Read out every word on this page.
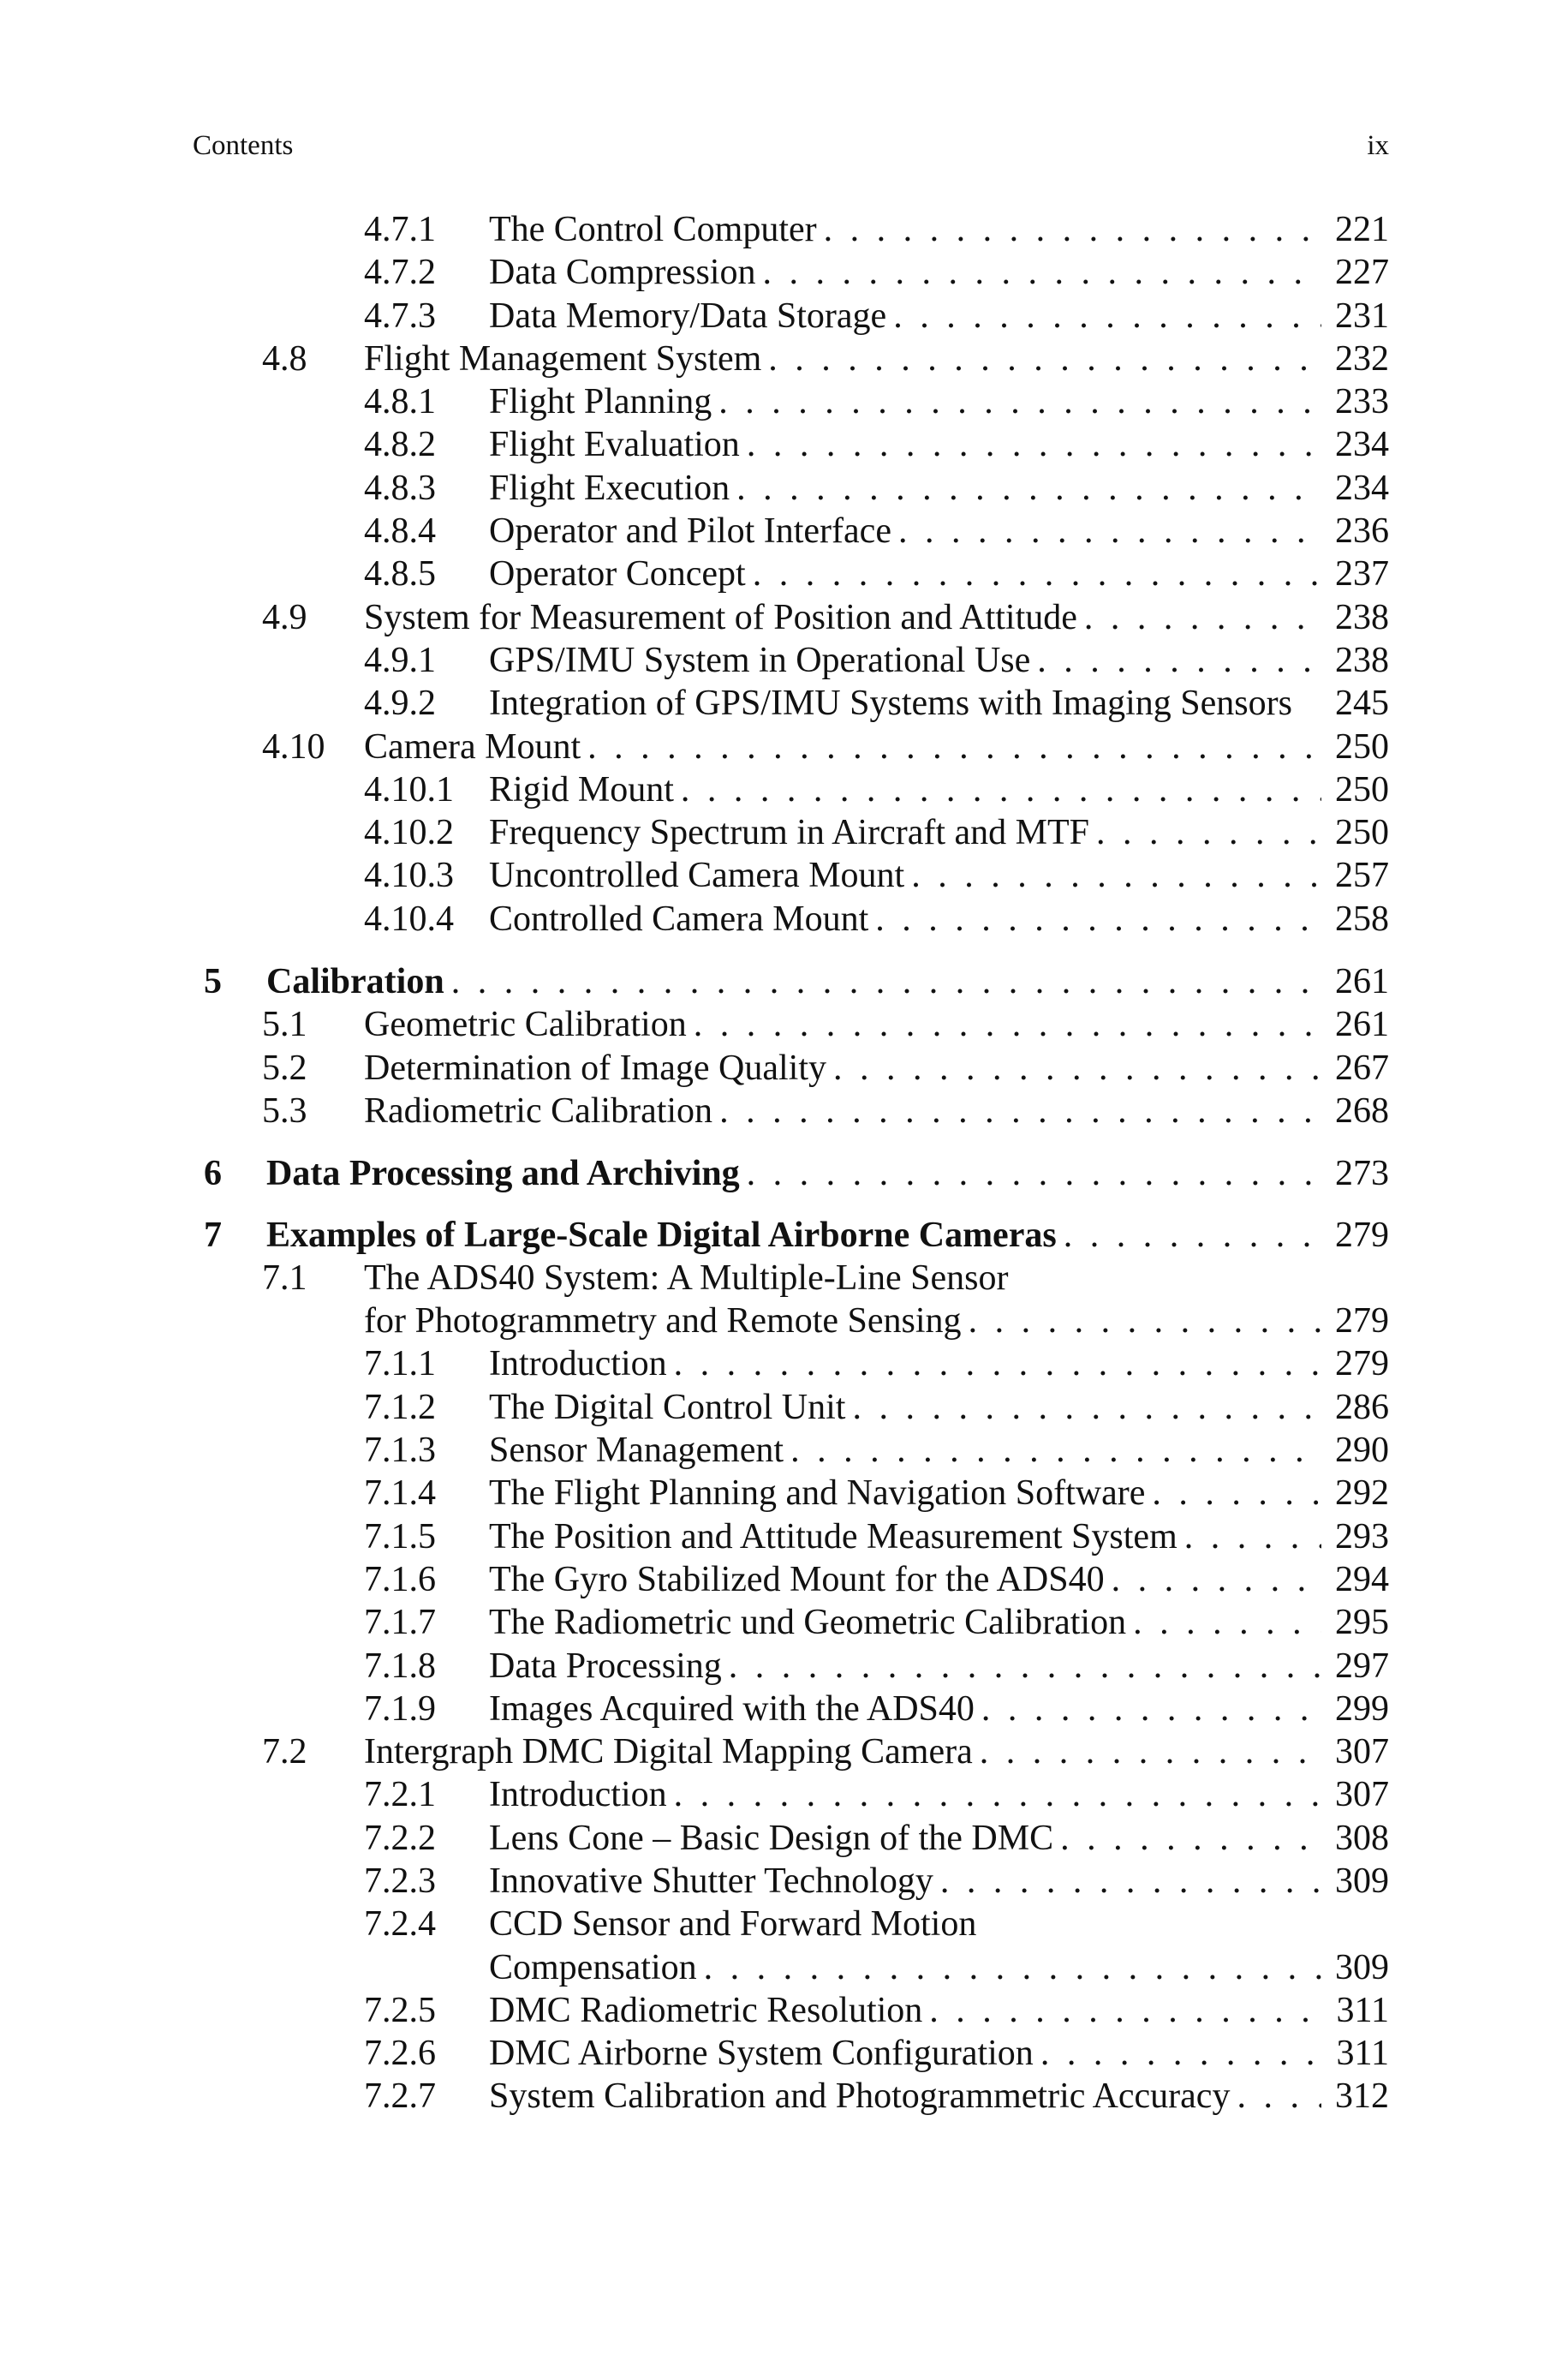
Contents	ix
4.7.1 The Control Computer . . .	221
4.7.2 Data Compression . . .	227
4.7.3 Data Memory/Data Storage . . .	231
4.8 Flight Management System . . .	232
4.8.1 Flight Planning . . .	233
4.8.2 Flight Evaluation . . .	234
4.8.3 Flight Execution . . .	234
4.8.4 Operator and Pilot Interface . . .	236
4.8.5 Operator Concept . . .	237
4.9 System for Measurement of Position and Attitude . . .	238
4.9.1 GPS/IMU System in Operational Use . . .	238
4.9.2 Integration of GPS/IMU Systems with Imaging Sensors 245
4.10 Camera Mount . . .	250
4.10.1 Rigid Mount . . .	250
4.10.2 Frequency Spectrum in Aircraft and MTF . . .	250
4.10.3 Uncontrolled Camera Mount . . .	257
4.10.4 Controlled Camera Mount . . .	258
5 Calibration . . .	261
5.1 Geometric Calibration . . .	261
5.2 Determination of Image Quality . . .	267
5.3 Radiometric Calibration . . .	268
6 Data Processing and Archiving . . .	273
7 Examples of Large-Scale Digital Airborne Cameras . . .	279
7.1 The ADS40 System: A Multiple-Line Sensor
for Photogrammetry and Remote Sensing . . .	279
7.1.1 Introduction . . .	279
7.1.2 The Digital Control Unit . . .	286
7.1.3 Sensor Management . . .	290
7.1.4 The Flight Planning and Navigation Software . . .	292
7.1.5 The Position and Attitude Measurement System . . .	293
7.1.6 The Gyro Stabilized Mount for the ADS40 . . .	294
7.1.7 The Radiometric und Geometric Calibration . . .	295
7.1.8 Data Processing . . .	297
7.1.9 Images Acquired with the ADS40 . . .	299
7.2 Intergraph DMC Digital Mapping Camera . . .	307
7.2.1 Introduction . . .	307
7.2.2 Lens Cone – Basic Design of the DMC . . .	308
7.2.3 Innovative Shutter Technology . . .	309
7.2.4 CCD Sensor and Forward Motion
Compensation . . .	309
7.2.5 DMC Radiometric Resolution . . .	311
7.2.6 DMC Airborne System Configuration . . .	311
7.2.7 System Calibration and Photogrammetric Accuracy . . .	312
